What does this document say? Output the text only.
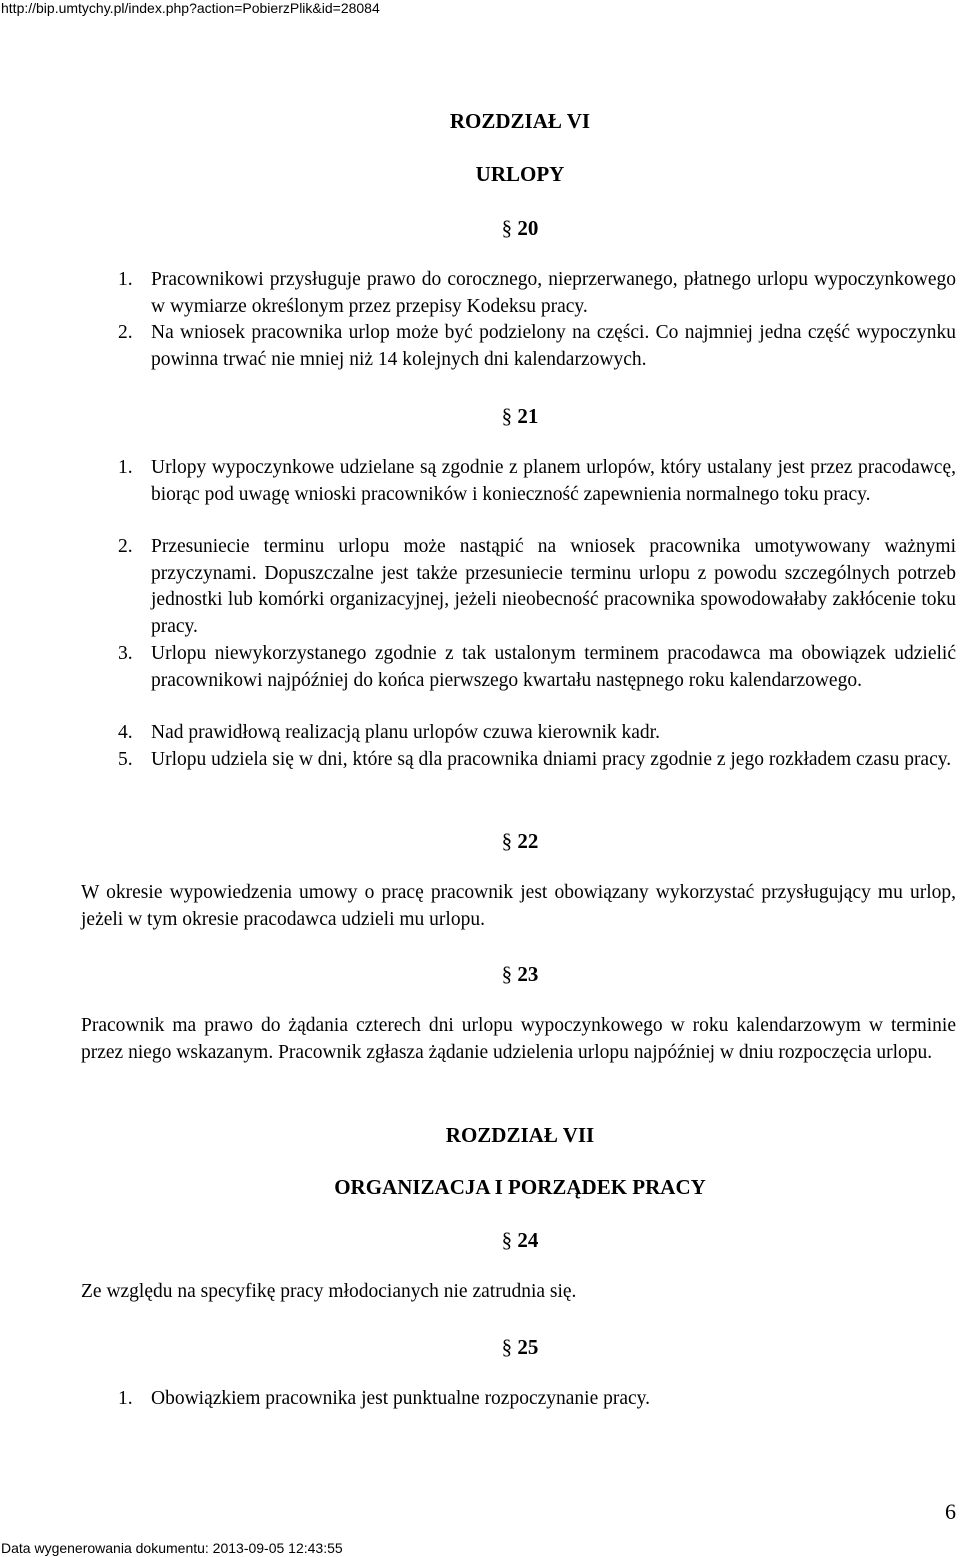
http://bip.umtychy.pl/index.php?action=PobierzPlik&id=28084
ROZDZIAŁ VI
URLOPY
§ 20
1. Pracownikowi przysługuje prawo do corocznego, nieprzerwanego, płatnego urlopu wypoczynkowego w wymiarze określonym przez przepisy Kodeksu pracy.
2. Na wniosek pracownika urlop może być podzielony na części. Co najmniej jedna część wypoczynku powinna trwać nie mniej niż 14 kolejnych dni kalendarzowych.
§ 21
1. Urlopy wypoczynkowe udzielane są zgodnie z planem urlopów, który ustalany jest przez pracodawcę, biorąc pod uwagę wnioski pracowników i konieczność zapewnienia normalnego toku pracy.
2. Przesuniecie terminu urlopu może nastąpić na wniosek pracownika umotywowany ważnymi przyczynami. Dopuszczalne jest także przesuniecie terminu urlopu z powodu szczególnych potrzeb jednostki lub komórki organizacyjnej, jeżeli nieobecność pracownika spowodowałaby zakłócenie toku pracy.
3. Urlopu niewykorzystanego zgodnie z tak ustalonym terminem pracodawca ma obowiązek udzielić pracownikowi najpóźniej do końca pierwszego kwartału następnego roku kalendarzowego.
4. Nad prawidłową realizacją planu urlopów czuwa kierownik kadr.
5. Urlopu udziela się w dni, które są dla pracownika dniami pracy zgodnie z jego rozkładem czasu pracy.
§ 22
W okresie wypowiedzenia umowy o pracę pracownik jest obowiązany wykorzystać przysługujący mu urlop, jeżeli w tym okresie pracodawca udzieli mu urlopu.
§ 23
Pracownik ma prawo do żądania czterech dni urlopu wypoczynkowego w roku kalendarzowym w terminie przez niego wskazanym. Pracownik zgłasza żądanie udzielenia urlopu najpóźniej w dniu rozpoczęcia urlopu.
ROZDZIAŁ VII
ORGANIZACJA I PORZĄDEK PRACY
§ 24
Ze względu na specyfikę pracy młodocianych nie zatrudnia się.
§ 25
1. Obowiązkiem pracownika jest punktualne rozpoczynanie pracy.
6
Data wygenerowania dokumentu: 2013-09-05 12:43:55
